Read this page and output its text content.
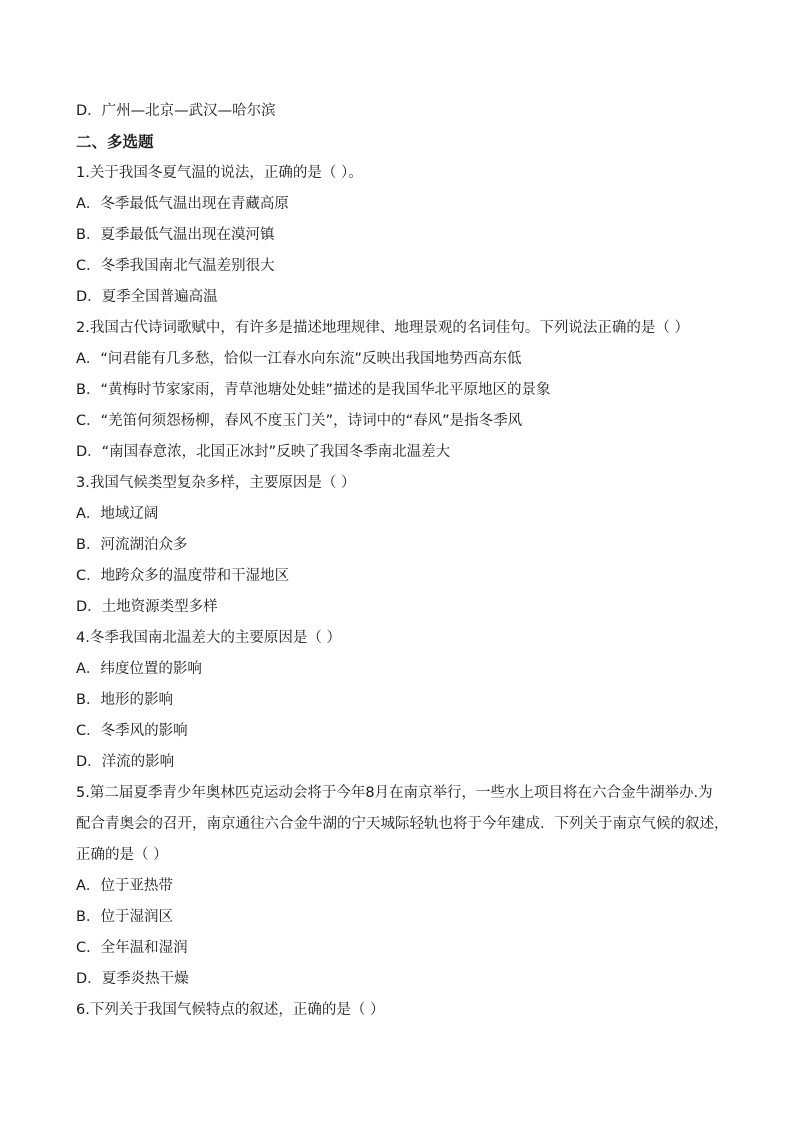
D．广州—北京—武汉—哈尔滨
二、多选题
1.关于我国冬夏气温的说法，正确的是（ ）。
A．冬季最低气温出现在青藏高原
B．夏季最低气温出现在漠河镇
C．冬季我国南北气温差别很大
D．夏季全国普遍高温
2.我国古代诗词歌赋中，有许多是描述地理规律、地理景观的名词佳句。下列说法正确的是（ ）
A．“问君能有几多愁，恰似一江春水向东流”反映出我国地势西高东低
B．“黄梅时节家家雨，青草池塘处处蛙”描述的是我国华北平原地区的景象
C．“羌笛何须怨杨柳，春风不度玉门关”，诗词中的“春风”是指冬季风
D．“南国春意浓，北国正冰封”反映了我国冬季南北温差大
3.我国气候类型复杂多样，主要原因是（ ）
A．地域辽阔
B．河流湖泊众多
C．地跨众多的温度带和干湿地区
D．土地资源类型多样
4.冬季我国南北温差大的主要原因是（ ）
A．纬度位置的影响
B．地形的影响
C．冬季风的影响
D．洋流的影响
5.第二届夏季青少年奥林匹克运动会将于今年8月在南京举行，一些水上项目将在六合金牛湖举办.为
配合青奥会的召开，南京通往六合金牛湖的宁天城际轻轨也将于今年建成．下列关于南京气候的叙述，
正确的是（ ）
A．位于亚热带
B．位于湿润区
C．全年温和湿润
D．夏季炎热干燥
6.下列关于我国气候特点的叙述，正确的是（ ）
